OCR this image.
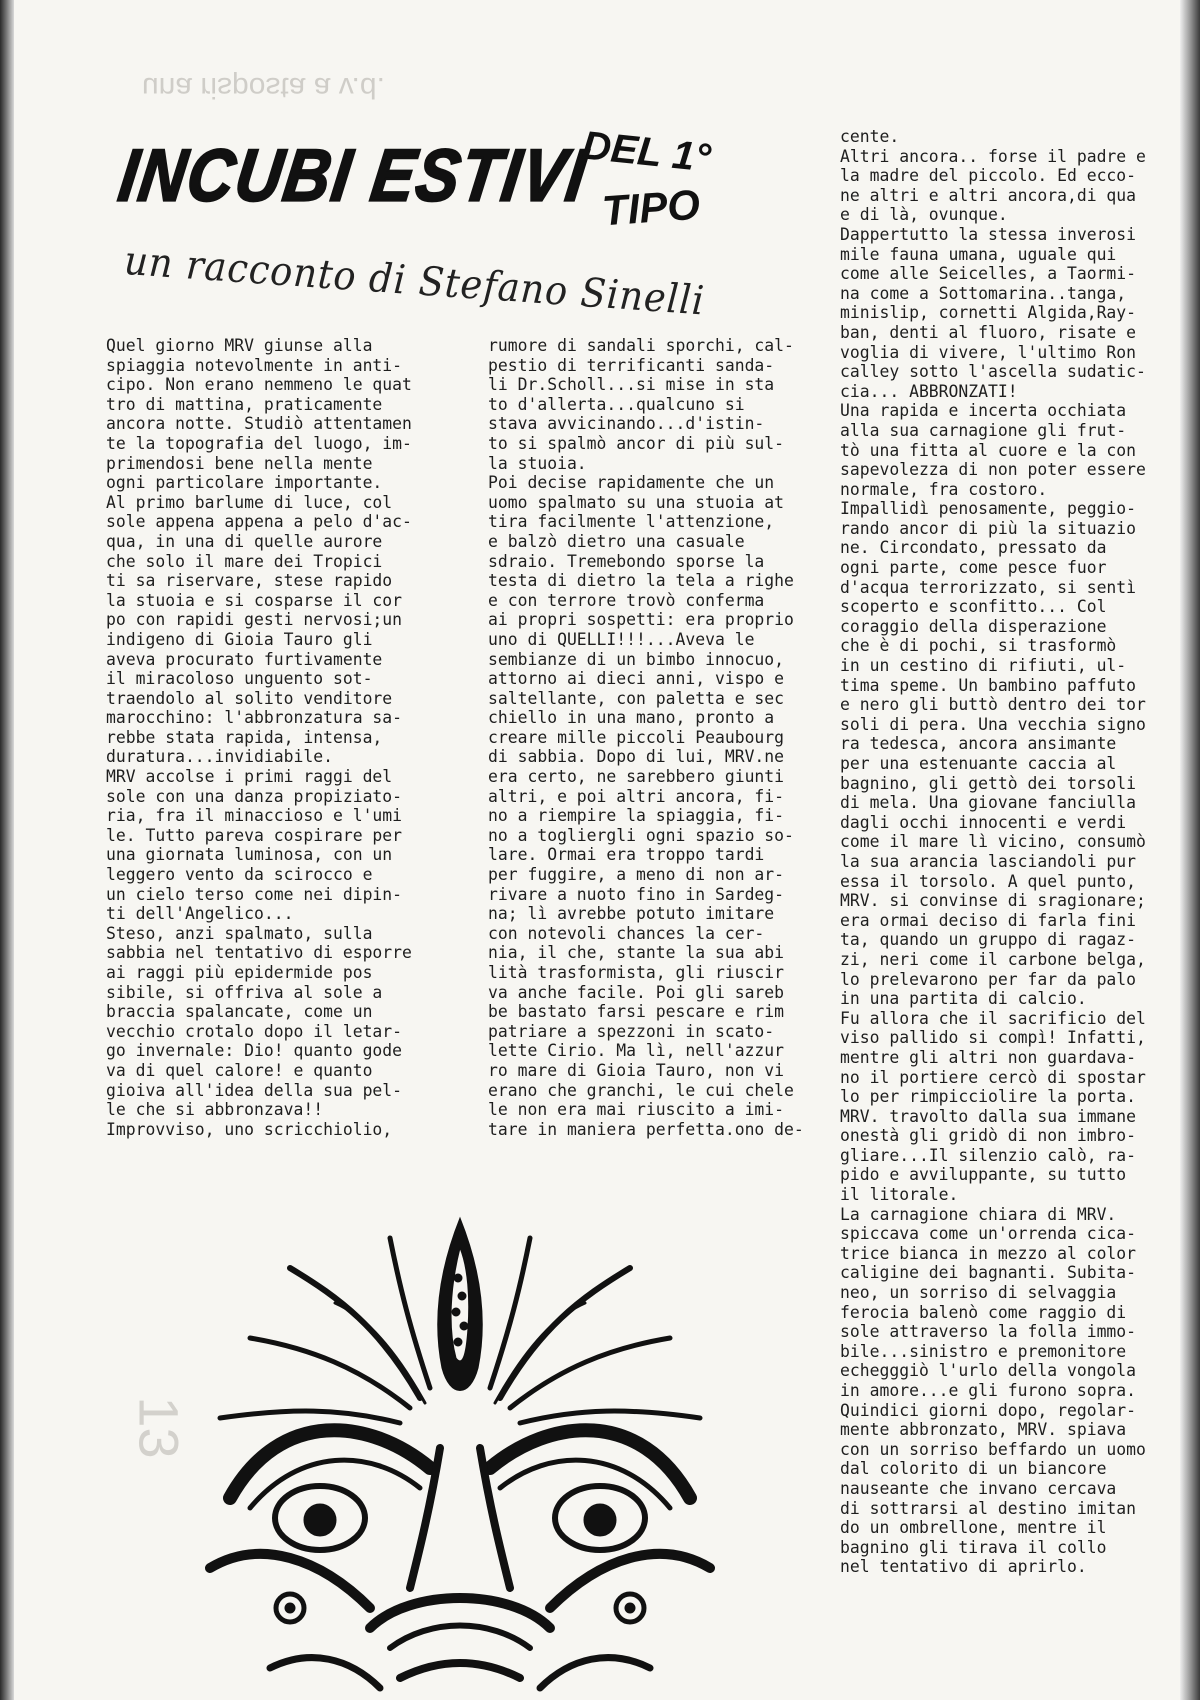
una risposta a v.d.
13
INCUBI ESTIVI
DEL 1°
TIPO
un racconto di Stefano Sinelli
Quel giorno MRV giunse alla
spiaggia notevolmente in anti-
cipo. Non erano nemmeno le quat
tro di mattina, praticamente
ancora notte. Studiò attentamen
te la topografia del luogo, im-
primendosi bene nella mente
ogni particolare importante.
Al primo barlume di luce, col
sole appena appena a pelo d'ac-
qua, in una di quelle aurore
che solo il mare dei Tropici
ti sa riservare, stese rapido
la stuoia e si cosparse il cor
po con rapidi gesti nervosi;un
indigeno di Gioia Tauro gli
aveva procurato furtivamente
il miracoloso unguento sot-
traendolo al solito venditore
marocchino: l'abbronzatura sa-
rebbe stata rapida, intensa,
duratura...invidiabile.
MRV accolse i primi raggi del
sole con una danza propiziato-
ria, fra il minaccioso e l'umi
le. Tutto pareva cospirare per
una giornata luminosa, con un
leggero vento da scirocco e
un cielo terso come nei dipin-
ti dell'Angelico...
Steso, anzi spalmato, sulla
sabbia nel tentativo di esporre
ai raggi più epidermide pos
sibile, si offriva al sole a
braccia spalancate, come un
vecchio crotalo dopo il letar-
go invernale: Dio! quanto gode
va di quel calore! e quanto
gioiva all'idea della sua pel-
le che si abbronzava!!
Improvviso, uno scricchiolio,
rumore di sandali sporchi, cal-
pestio di terrificanti sanda-
li Dr.Scholl...si mise in sta
to d'allerta...qualcuno si
stava avvicinando...d'istin-
to si spalmò ancor di più sul-
la stuoia.
Poi decise rapidamente che un
uomo spalmato su una stuoia at
tira facilmente l'attenzione,
e balzò dietro una casuale
sdraio. Tremebondo sporse la
testa di dietro la tela a righe
e con terrore trovò conferma
ai propri sospetti: era proprio
uno di QUELLI!!!...Aveva le
sembianze di un bimbo innocuo,
attorno ai dieci anni, vispo e
saltellante, con paletta e sec
chiello in una mano, pronto a
creare mille piccoli Peaubourg
di sabbia. Dopo di lui, MRV.ne
era certo, ne sarebbero giunti
altri, e poi altri ancora, fi-
no a riempire la spiaggia, fi-
no a togliergli ogni spazio so-
lare. Ormai era troppo tardi
per fuggire, a meno di non ar-
rivare a nuoto fino in Sardeg-
na; lì avrebbe potuto imitare
con notevoli chances la cer-
nia, il che, stante la sua abi
lità trasformista, gli riuscir
va anche facile. Poi gli sareb
be bastato farsi pescare e rim
patriare a spezzoni in scato-
lette Cirio. Ma lì, nell'azzur
ro mare di Gioia Tauro, non vi
erano che granchi, le cui chele
le non era mai riuscito a imi-
tare in maniera perfetta.ono de-
cente.
Altri ancora.. forse il padre e
la madre del piccolo. Ed ecco-
ne altri e altri ancora,di qua
e di là, ovunque.
Dappertutto la stessa inverosi
mile fauna umana, uguale qui
come alle Seicelles, a Taormi-
na come a Sottomarina..tanga,
minislip, cornetti Algida,Ray-
ban, denti al fluoro, risate e
voglia di vivere, l'ultimo Ron
calley sotto l'ascella sudatic-
cia... ABBRONZATI!
Una rapida e incerta occhiata
alla sua carnagione gli frut-
tò una fitta al cuore e la con
sapevolezza di non poter essere
normale, fra costoro.
Impallidì penosamente, peggio-
rando ancor di più la situazio
ne. Circondato, pressato da
ogni parte, come pesce fuor
d'acqua terrorizzato, si sentì
scoperto e sconfitto... Col
coraggio della disperazione
che è di pochi, si trasformò
in un cestino di rifiuti, ul-
tima speme. Un bambino paffuto
e nero gli buttò dentro dei tor
soli di pera. Una vecchia signo
ra tedesca, ancora ansimante
per una estenuante caccia al
bagnino, gli gettò dei torsoli
di mela. Una giovane fanciulla
dagli occhi innocenti e verdi
come il mare lì vicino, consumò
la sua arancia lasciandoli pur
essa il torsolo. A quel punto,
MRV. si convinse di sragionare;
era ormai deciso di farla fini
ta, quando un gruppo di ragaz-
zi, neri come il carbone belga,
lo prelevarono per far da palo
in una partita di calcio.
Fu allora che il sacrificio del
viso pallido si compì! Infatti,
mentre gli altri non guardava-
no il portiere cercò di spostar
lo per rimpicciolire la porta.
MRV. travolto dalla sua immane
onestà gli gridò di non imbro-
gliare...Il silenzio calò, ra-
pido e avviluppante, su tutto
il litorale.
La carnagione chiara di MRV.
spiccava come un'orrenda cica-
trice bianca in mezzo al color
caligine dei bagnanti. Subita-
neo, un sorriso di selvaggia
ferocia balenò come raggio di
sole attraverso la folla immo-
bile...sinistro e premonitore
echegggiò l'urlo della vongola
in amore...e gli furono sopra.
Quindici giorni dopo, regolar-
mente abbronzato, MRV. spiava
con un sorriso beffardo un uomo
dal colorito di un biancore
nauseante che invano cercava
di sottrarsi al destino imitan
do un ombrellone, mentre il
bagnino gli tirava il collo
nel tentativo di aprirlo.
